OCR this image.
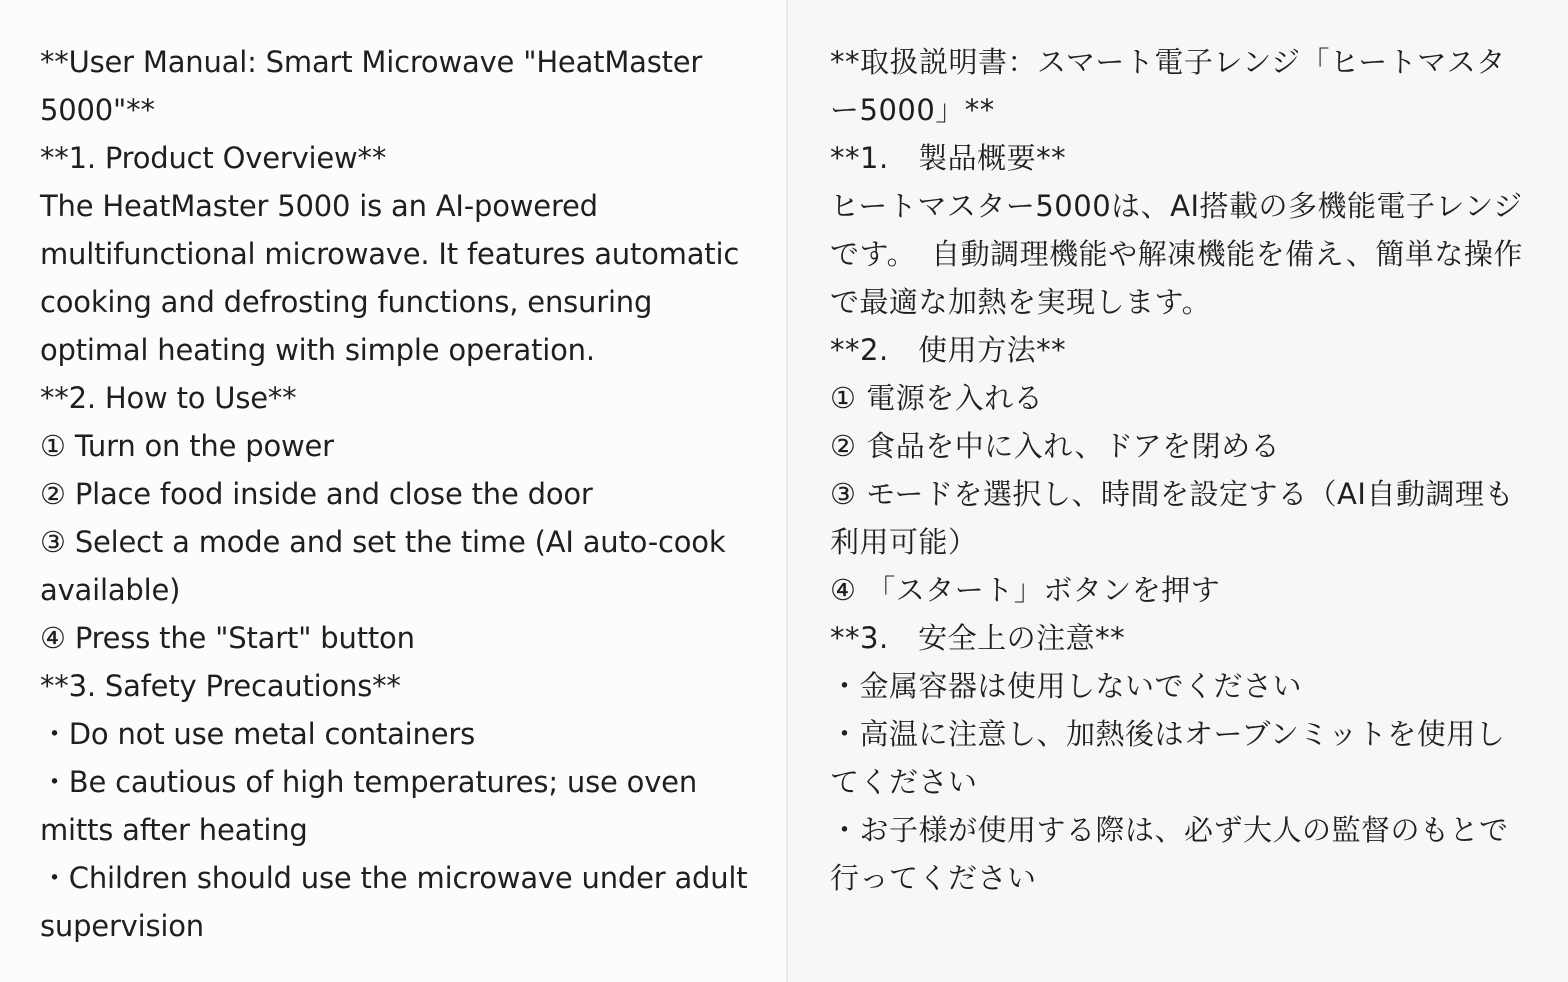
**User Manual: Smart Microwave "HeatMaster 5000"**
**1. Product Overview**
The HeatMaster 5000 is an AI-powered multifunctional microwave. It features automatic cooking and defrosting functions, ensuring optimal heating with simple operation.
**2. How to Use**
① Turn on the power
② Place food inside and close the door
③ Select a mode and set the time (AI auto-cook available)
④ Press the "Start" button
**3. Safety Precautions**
・Do not use metal containers
・Be cautious of high temperatures; use oven mitts after heating
・Children should use the microwave under adult supervision
**取扱説明書：スマート電子レンジ「ヒートマスター5000」**
**1.　製品概要**
ヒートマスター5000は、AI搭載の多機能電子レンジです。　自動調理機能や解凍機能を備え、簡単な操作で最適な加熱を実現します。
**2.　使用方法**
① 電源を入れる
② 食品を中に入れ、ドアを閉める
③ モードを選択し、時間を設定する（AI自動調理も利用可能）
④ 「スタート」ボタンを押す
**3.　安全上の注意**
・金属容器は使用しないでください
・高温に注意し、加熱後はオーブンミットを使用してください
・お子様が使用する際は、必ず大人の監督のもとで行ってください
